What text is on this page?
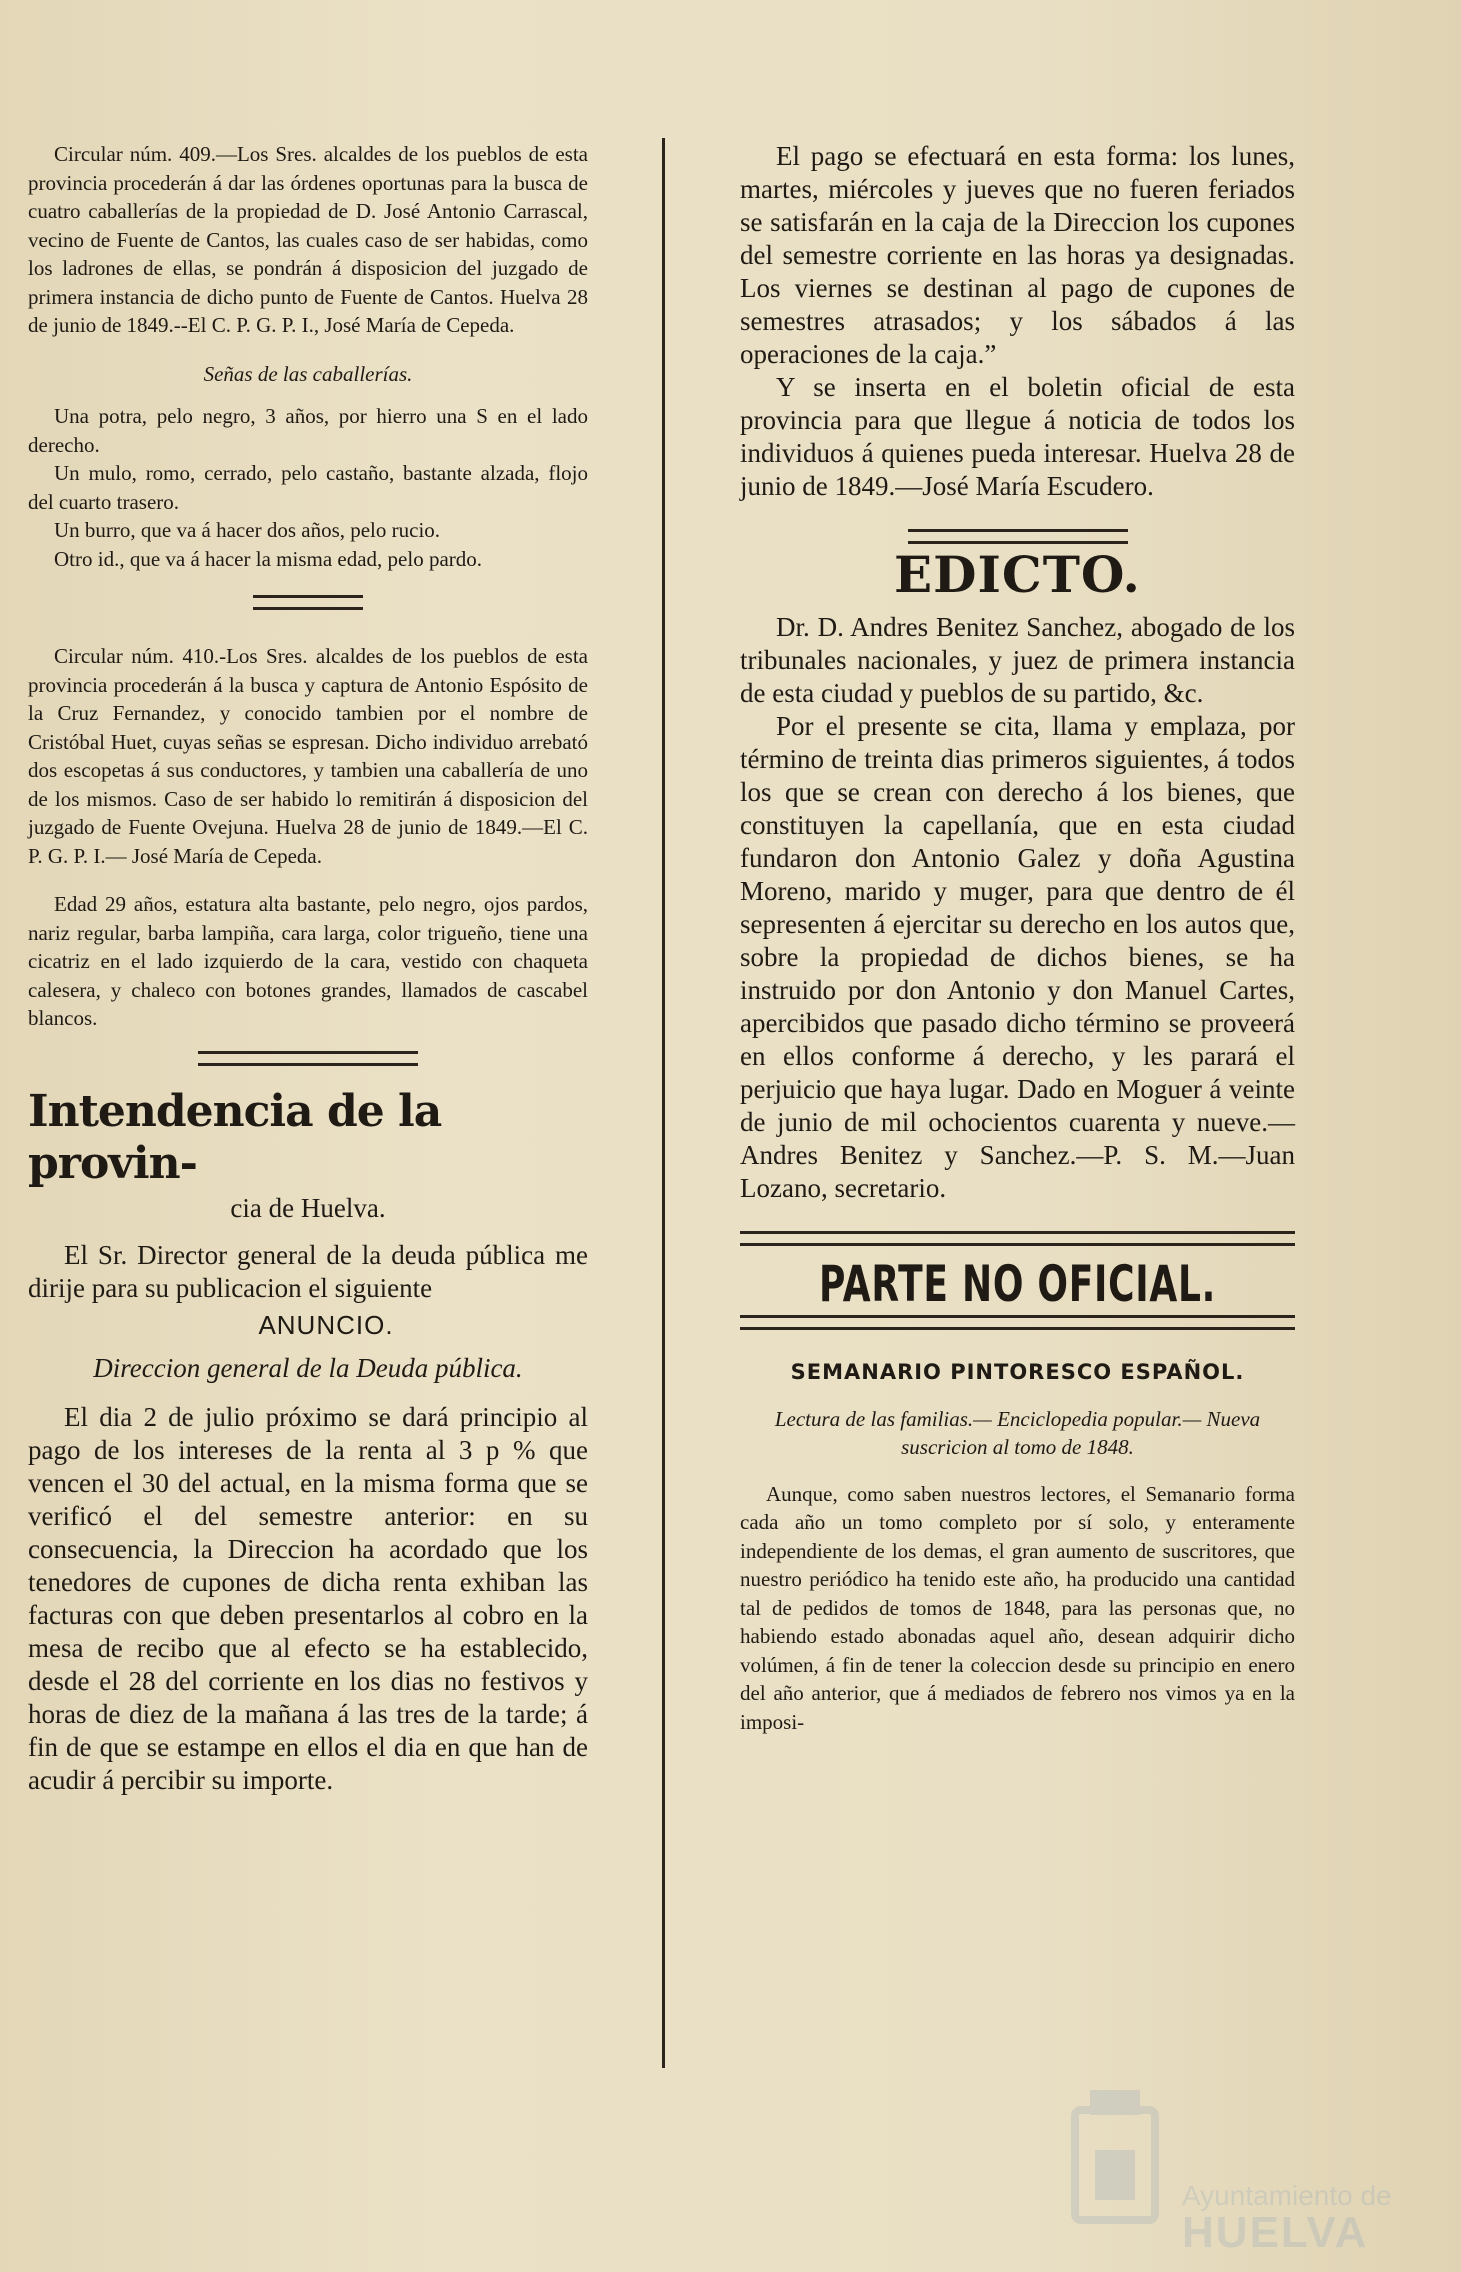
Circular núm. 409.—Los Sres. alcaldes de los pueblos de esta provincia procederán á dar las órdenes oportunas para la busca de cuatro caballerías de la propiedad de D. José Antonio Carrascal, vecino de Fuente de Cantos, las cuales caso de ser habidas, como los ladrones de ellas, se pondrán á disposicion del juzgado de primera instancia de dicho punto de Fuente de Cantos. Huelva 28 de junio de 1849.--El C. P. G. P. I., José María de Cepeda.

Señas de las caballerías.

Una potra, pelo negro, 3 años, por hierro una S en el lado derecho.

Un mulo, romo, cerrado, pelo castaño, bastante alzada, flojo del cuarto trasero.

Un burro, que va á hacer dos años, pelo rucio.

Otro id., que va á hacer la misma edad, pelo pardo.

Circular núm. 410.-Los Sres. alcaldes de los pueblos de esta provincia procederán á la busca y captura de Antonio Espósito de la Cruz Fernandez, y conocido tambien por el nombre de Cristóbal Huet, cuyas señas se espresan. Dicho individuo arrebató dos escopetas á sus conductores, y tambien una caballería de uno de los mismos. Caso de ser habido lo remitirán á disposicion del juzgado de Fuente Ovejuna. Huelva 28 de junio de 1849.—El C. P. G. P. I.— José María de Cepeda.

Edad 29 años, estatura alta bastante, pelo negro, ojos pardos, nariz regular, barba lampiña, cara larga, color trigueño, tiene una cicatriz en el lado izquierdo de la cara, vestido con chaqueta calesera, y chaleco con botones grandes, llamados de cascabel blancos.

Intendencia de la provin-

cia de Huelva.

El Sr. Director general de la deuda pública me dirije para su publicacion el siguiente

ANUNCIO.

Direccion general de la Deuda pública.

El dia 2 de julio próximo se dará principio al pago de los intereses de la renta al 3 p % que vencen el 30 del actual, en la misma forma que se verificó el del semestre anterior: en su consecuencia, la Direccion ha acordado que los tenedores de cupones de dicha renta exhiban las facturas con que deben presentarlos al cobro en la mesa de recibo que al efecto se ha establecido, desde el 28 del corriente en los dias no festivos y horas de diez de la mañana á las tres de la tarde; á fin de que se estampe en ellos el dia en que han de acudir á percibir su importe.

El pago se efectuará en esta forma: los lunes, martes, miércoles y jueves que no fueren feriados se satisfarán en la caja de la Direccion los cupones del semestre corriente en las horas ya designadas. Los viernes se destinan al pago de cupones de semestres atrasados; y los sábados á las operaciones de la caja.”

Y se inserta en el boletin oficial de esta provincia para que llegue á noticia de todos los individuos á quienes pueda interesar. Huelva 28 de junio de 1849.—José María Escudero.

EDICTO.

Dr. D. Andres Benitez Sanchez, abogado de los tribunales nacionales, y juez de primera instancia de esta ciudad y pueblos de su partido, &c.

Por el presente se cita, llama y emplaza, por término de treinta dias primeros siguientes, á todos los que se crean con derecho á los bienes, que constituyen la capellanía, que en esta ciudad fundaron don Antonio Galez y doña Agustina Moreno, marido y muger, para que dentro de él sepresenten á ejercitar su derecho en los autos que, sobre la propiedad de dichos bienes, se ha instruido por don Antonio y don Manuel Cartes, apercibidos que pasado dicho término se proveerá en ellos conforme á derecho, y les parará el perjuicio que haya lugar. Dado en Moguer á veinte de junio de mil ochocientos cuarenta y nueve.—Andres Benitez y Sanchez.—P. S. M.—Juan Lozano, secretario.

PARTE NO OFICIAL.
SEMANARIO PINTORESCO ESPAÑOL.

Lectura de las familias.— Enciclopedia popular.— Nueva suscricion al tomo de 1848.

Aunque, como saben nuestros lectores, el Semanario forma cada año un tomo completo por sí solo, y enteramente independiente de los demas, el gran aumento de suscritores, que nuestro periódico ha tenido este año, ha producido una cantidad tal de pedidos de tomos de 1848, para las personas que, no habiendo estado abonadas aquel año, desean adquirir dicho volúmen, á fin de tener la coleccion desde su principio en enero del año anterior, que á mediados de febrero nos vimos ya en la imposi-

Ayuntamiento de
HUELVA
